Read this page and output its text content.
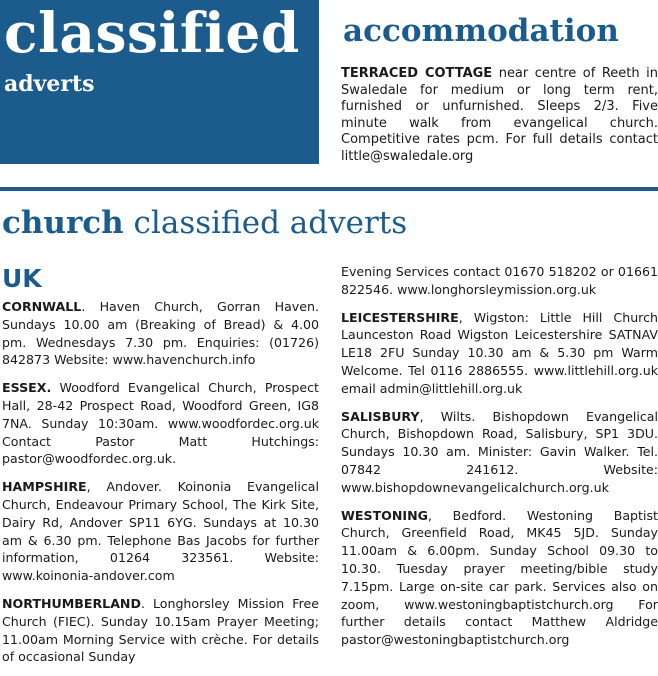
classified
adverts
accommodation
TERRACED COTTAGE near centre of Reeth in Swaledale for medium or long term rent, furnished or unfurnished. Sleeps 2/3. Five minute walk from evangelical church. Competitive rates pcm. For full details contact little@swaledale.org
church classified adverts
UK
CORNWALL. Haven Church, Gorran Haven. Sundays 10.00 am (Breaking of Bread) & 4.00 pm. Wednesdays 7.30 pm. Enquiries: (01726) 842873 Website: www.havenchurch.info
ESSEX. Woodford Evangelical Church, Prospect Hall, 28-42 Prospect Road, Woodford Green, IG8 7NA. Sunday 10:30am. www.woodfordec.org.uk Contact Pastor Matt Hutchings: pastor@woodfordec.org.uk.
HAMPSHIRE, Andover. Koinonia Evangelical Church, Endeavour Primary School, The Kirk Site, Dairy Rd, Andover SP11 6YG. Sundays at 10.30 am & 6.30 pm. Telephone Bas Jacobs for further information, 01264 323561. Website: www.koinonia-andover.com
NORTHUMBERLAND. Longhorsley Mission Free Church (FIEC). Sunday 10.15am Prayer Meeting; 11.00am Morning Service with crèche. For details of occasional Sunday
Evening Services contact 01670 518202 or 01661 822546. www.longhorsleymission.org.uk
LEICESTERSHIRE, Wigston: Little Hill Church Launceston Road Wigston Leicestershire SATNAV LE18 2FU Sunday 10.30 am & 5.30 pm Warm Welcome. Tel 0116 2886555. www.littlehill.org.uk email admin@littlehill.org.uk
SALISBURY, Wilts. Bishopdown Evangelical Church, Bishopdown Road, Salisbury, SP1 3DU. Sundays 10.30 am. Minister: Gavin Walker. Tel. 07842 241612. Website: www.bishopdownevangelicalchurch.org.uk
WESTONING, Bedford. Westoning Baptist Church, Greenfield Road, MK45 5JD. Sunday 11.00am & 6.00pm. Sunday School 09.30 to 10.30. Tuesday prayer meeting/bible study 7.15pm. Large on-site car park. Services also on zoom, www.westoningbaptistchurch.org For further details contact Matthew Aldridge pastor@westoningbaptistchurch.org
